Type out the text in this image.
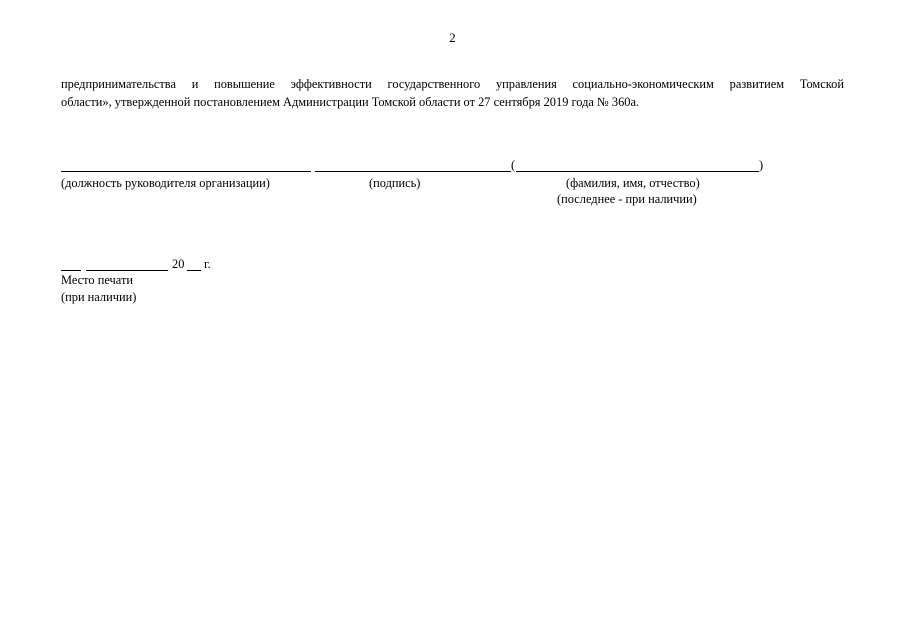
2
предпринимательства и повышение эффективности государственного управления социально-экономическим развитием Томской
области», утвержденной постановлением Администрации Томской области от 27 сентября 2019 года № 360а.
(	)
(должность руководителя организации)	(подпись)	(фамилия, имя, отчество)
(последнее - при наличии)
20 г.
Место печати
(при наличии)
